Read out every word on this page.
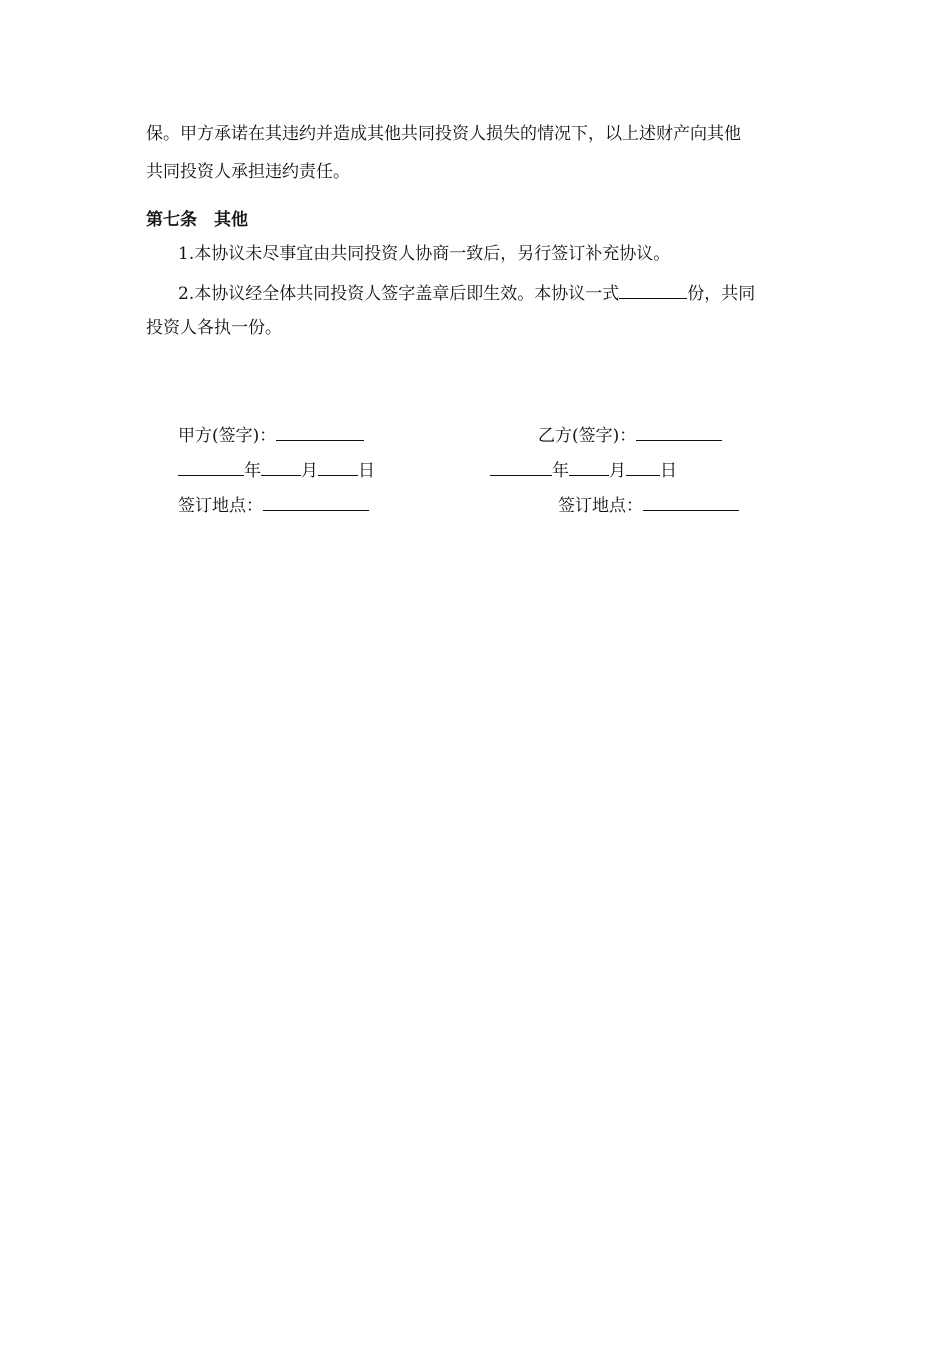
保。甲方承诺在其违约并造成其他共同投资人损失的情况下，以上述财产向其他
共同投资人承担违约责任。
第七条　其他
1.本协议未尽事宜由共同投资人协商一致后，另行签订补充协议。
2.本协议经全体共同投资人签字盖章后即生效。本协议一式	份，共同
投资人各执一份。
甲方(签字)：
年 月 日
签订地点：
乙方(签字)：
年 月 日
签订地点：
